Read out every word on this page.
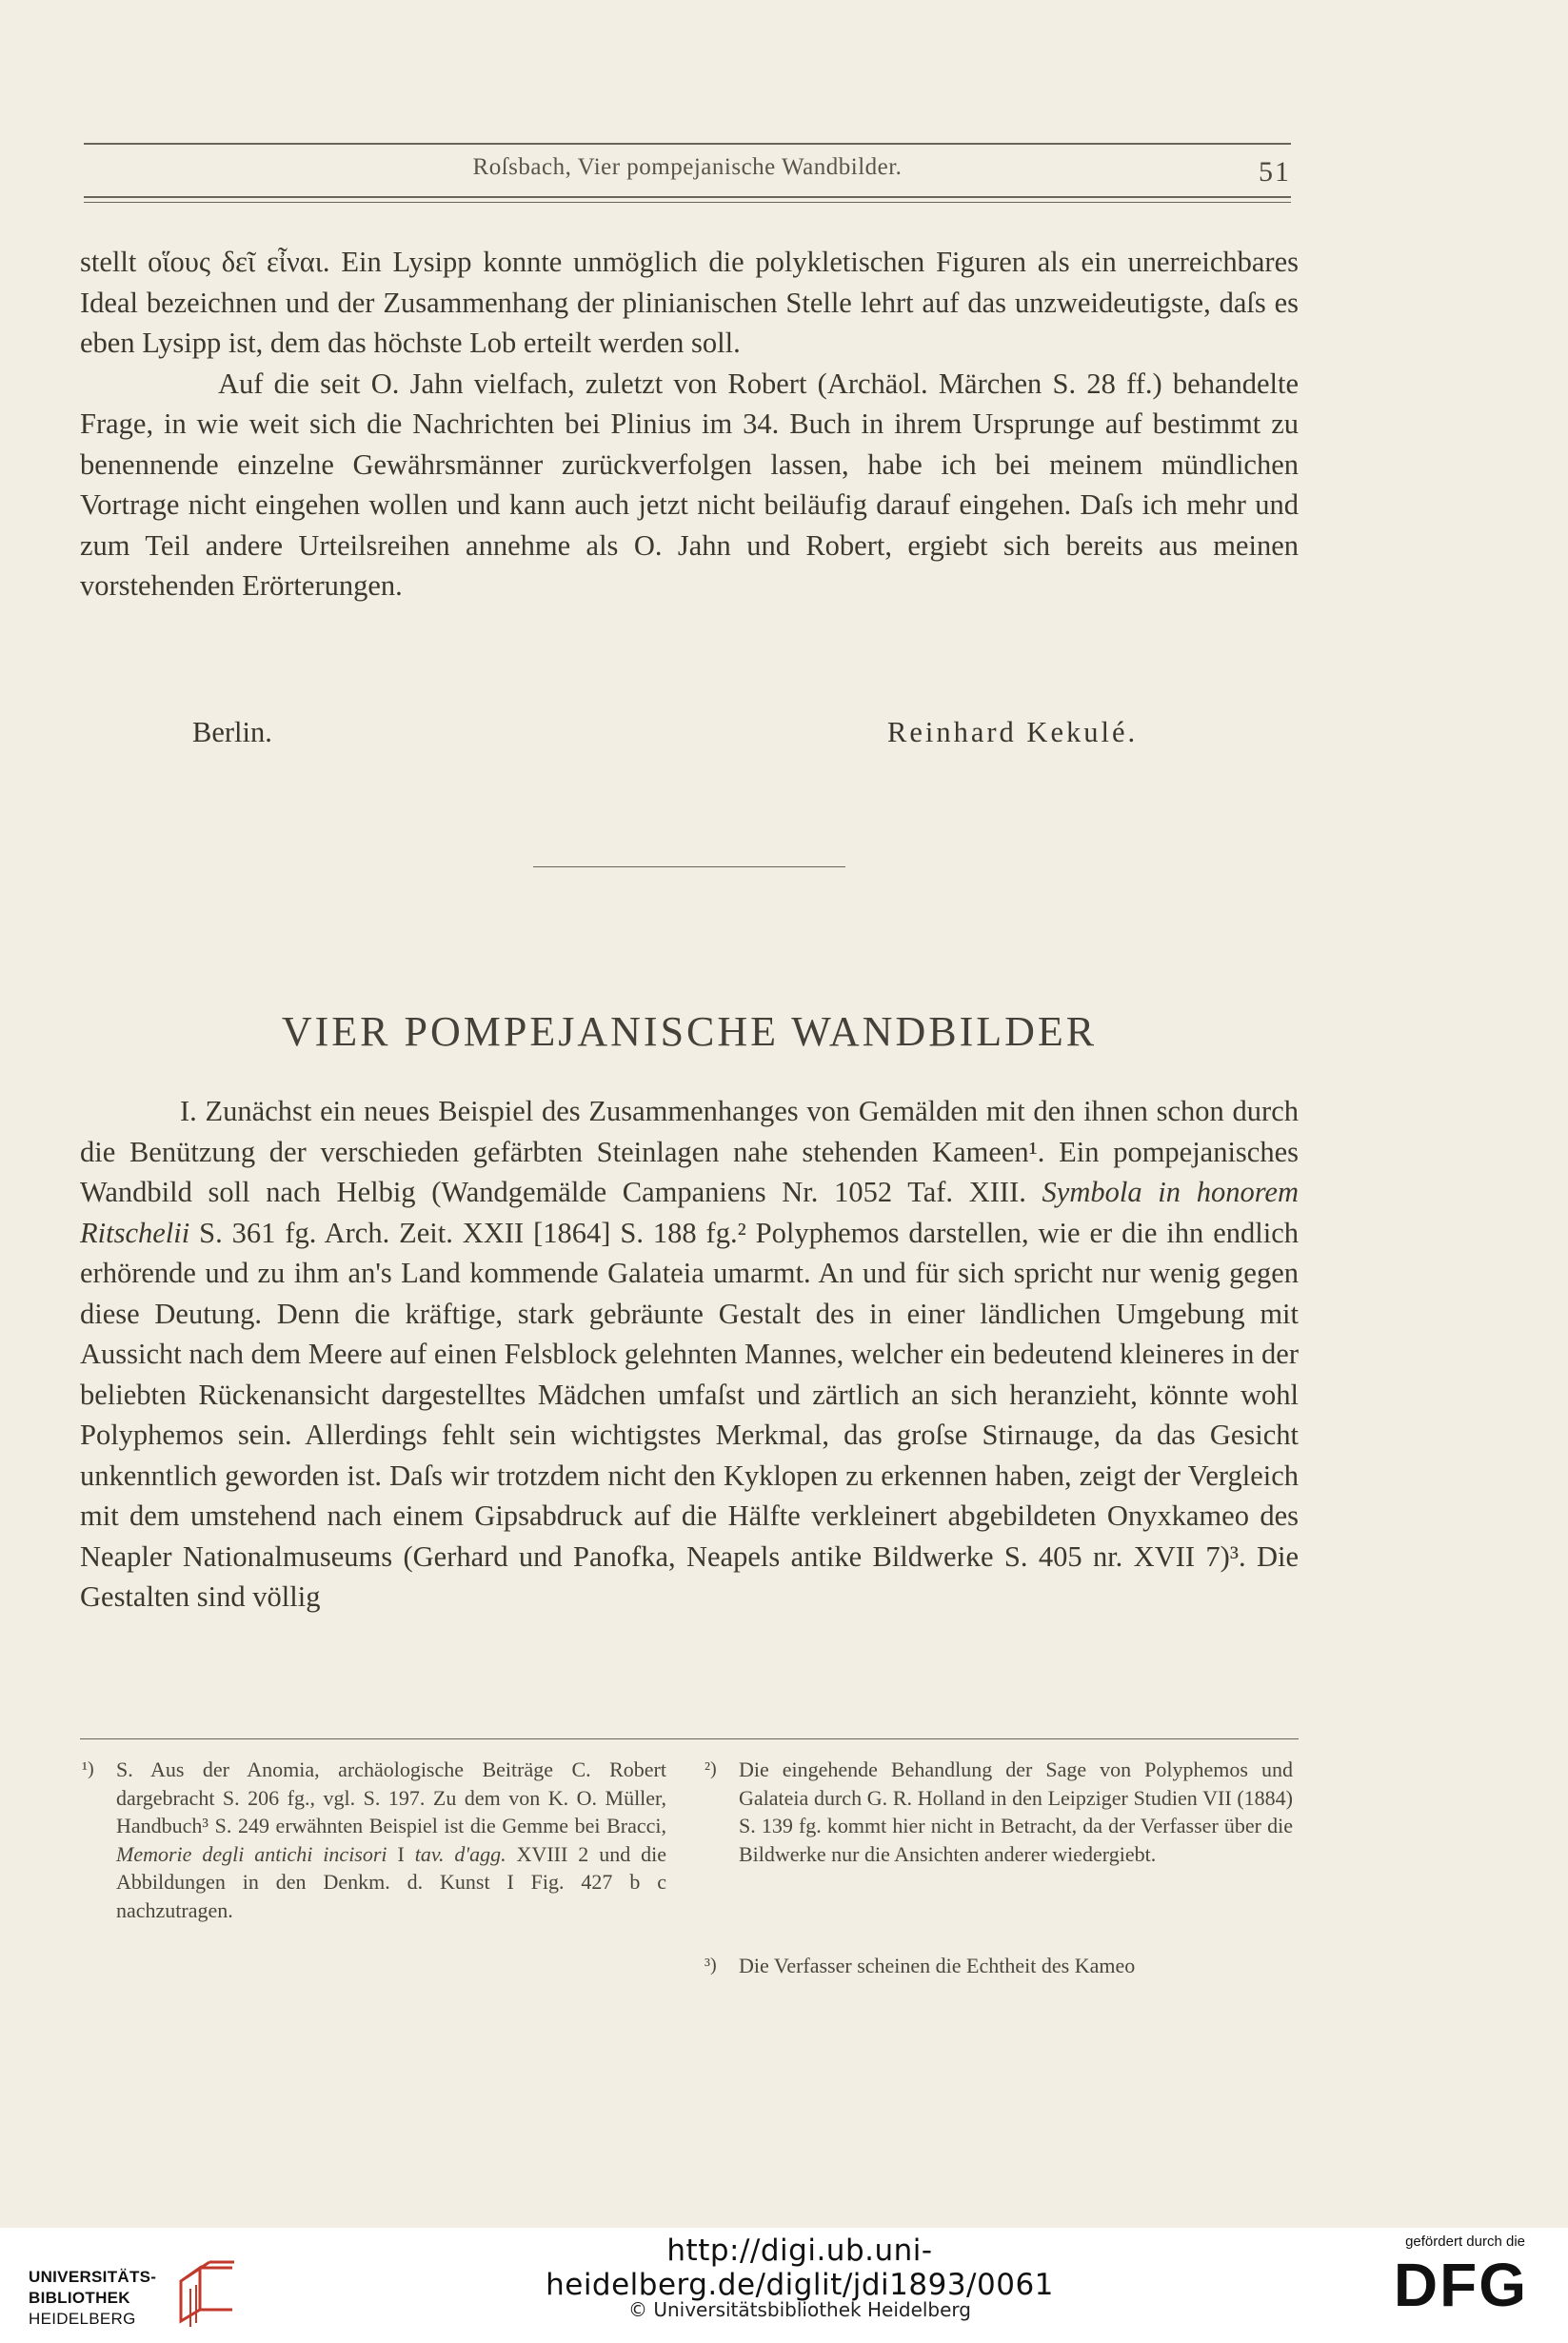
Roſsbach, Vier pompejanische Wandbilder.	51

stellt οἵους δεῖ εἶναι. Ein Lysipp konnte unmöglich die polykletischen Figuren als ein unerreichbares Ideal bezeichnen und der Zusammenhang der plinianischen Stelle lehrt auf das unzweideutigste, daſs es eben Lysipp ist, dem das höchste Lob erteilt werden soll.

Auf die seit O. Jahn vielfach, zuletzt von Robert (Archäol. Märchen S. 28 ff.) behandelte Frage, in wie weit sich die Nachrichten bei Plinius im 34. Buch in ihrem Ursprunge auf bestimmt zu benennende einzelne Gewährsmänner zurückverfolgen lassen, habe ich bei meinem mündlichen Vortrage nicht eingehen wollen und kann auch jetzt nicht beiläufig darauf eingehen. Daſs ich mehr und zum Teil andere Urteilsreihen annehme als O. Jahn und Robert, ergiebt sich bereits aus meinen vorstehenden Erörterungen.

Berlin.	Reinhard Kekulé.
VIER POMPEJANISCHE WANDBILDER

I. Zunächst ein neues Beispiel des Zusammenhanges von Gemälden mit den ihnen schon durch die Benützung der verschieden gefärbten Steinlagen nahe stehenden Kameen¹. Ein pompejanisches Wandbild soll nach Helbig (Wandgemälde Campaniens Nr. 1052 Taf. XIII. Symbola in honorem Ritschelii S. 361 fg. Arch. Zeit. XXII [1864] S. 188 fg.² Polyphemos darstellen, wie er die ihn endlich erhörende und zu ihm an's Land kommende Galateia umarmt. An und für sich spricht nur wenig gegen diese Deutung. Denn die kräftige, stark gebräunte Gestalt des in einer ländlichen Umgebung mit Aussicht nach dem Meere auf einen Felsblock gelehnten Mannes, welcher ein bedeutend kleineres in der beliebten Rückenansicht dargestelltes Mädchen umfaſst und zärtlich an sich heranzieht, könnte wohl Polyphemos sein. Allerdings fehlt sein wichtigstes Merkmal, das groſse Stirnauge, da das Gesicht unkenntlich geworden ist. Daſs wir trotzdem nicht den Kyklopen zu erkennen haben, zeigt der Vergleich mit dem umstehend nach einem Gipsabdruck auf die Hälfte verkleinert abgebildeten Onyxkameo des Neapler Nationalmuseums (Gerhard und Panofka, Neapels antike Bildwerke S. 405 nr. XVII 7)³. Die Gestalten sind völlig

¹) S. Aus der Anomia, archäologische Beiträge C. Robert dargebracht S. 206 fg., vgl. S. 197. Zu dem von K. O. Müller, Handbuch³ S. 249 erwähnten Beispiel ist die Gemme bei Bracci, Memorie degli antichi incisori I tav. d'agg. XVIII 2 und die Abbildungen in den Denkm. d. Kunst I Fig. 427 b c nachzutragen.
²) Die eingehende Behandlung der Sage von Polyphemos und Galateia durch G. R. Holland in den Leipziger Studien VII (1884) S. 139 fg. kommt hier nicht in Betracht, da der Verfasser über die Bildwerke nur die Ansichten anderer wiedergiebt.
³) Die Verfasser scheinen die Echtheit des Kameo
UNIVERSITÄTS-
BIBLIOTHEK
HEIDELBERG
http://digi.ub.uni-heidelberg.de/diglit/jdi1893/0061
© Universitätsbibliothek Heidelberg
gefördert durch die
DFG
